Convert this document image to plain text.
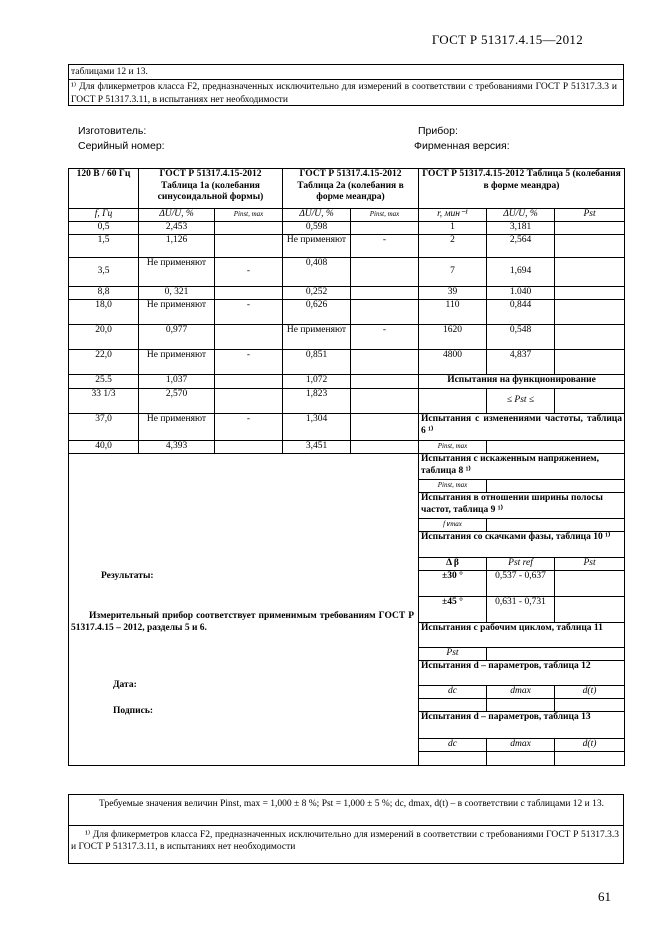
ГОСТ Р 51317.4.15—2012
таблицами 12 и 13.
¹⁾ Для фликерметров класса F2, предназначенных исключительно для измерений в соответствии с требованиями ГОСТ Р 51317.3.3 и ГОСТ Р 51317.3.11, в испытаниях нет необходимости
Изготовитель:
Серийный номер:
Прибор:
Фирменная версия:
120 В / 60 Гц	ГОСТ Р 51317.4.15-2012 Таблица 1а (колебания синусоидальной формы)		ГОСТ Р 51317.4.15-2012 Таблица 2а (колебания в форме меандра)		ГОСТ Р 51317.4.15-2012 Таблица 5 (колебания в форме меандра)		
f, Гц	ΔU/U, %	Pinst, max	ΔU/U, %	Pinst, max	r, мин⁻¹	ΔU/U, %	Pst
0,5	2,453		0,598		1	3,181	
1,5	1,126		Не применяют	-	2	2,564	
3,5	Не применяют	-	0,408		7	1,694	
8,8	0, 321		0,252		39	1.040	
18,0	Не применяют	-	0,626		110	0,844	
20,0	0,977		Не применяют	-	1620	0,548	
22,0	Не применяют	-	0,851		4800	4,837	
25.5	1,037		1,072		Испытания на функционирование		
33 1/3	2,570		1,823			≤ Pst ≤	
37,0	Не применяют	-	1,304		Испытания с изменениями частоты, таблица 6 ¹⁾		
40,0	4,393		3,451		Pinst, max		

Результаты:
Измерительный прибор соответствует применимым требованиям ГОСТ Р 51317.4.15 – 2012, разделы 5 и 6.
Дата:
Подпись:					Испытания с искаженным напряжением, таблица 8 ¹⁾		
					Pinst, max		
					Испытания в отношении ширины полосы частот, таблица 9 ¹⁾		
					f∨max		
					Испытания со скачками фазы, таблица 10 ¹⁾		
					Δ β	Pst ref	Pst
					±30 °	0,537 - 0,637	
					±45 °	0,631 - 0,731	
					Испытания с рабочим циклом, таблица 11		
					Pst		
					Испытания d – параметров, таблица 12		
					dc	dmax	d(t)

					Испытания d – параметров, таблица 13		
					dc	dmax	d(t)

Требуемые значения величин Pinst, max = 1,000 ± 8 %; Pst = 1,000 ± 5 %; dc, dmax, d(t) – в соответствии с таблицами 12 и 13.
¹⁾ Для фликерметров класса F2, предназначенных исключительно для измерений в соответствии с требованиями ГОСТ Р 51317.3.3 и ГОСТ Р 51317.3.11, в испытаниях нет необходимости
61
